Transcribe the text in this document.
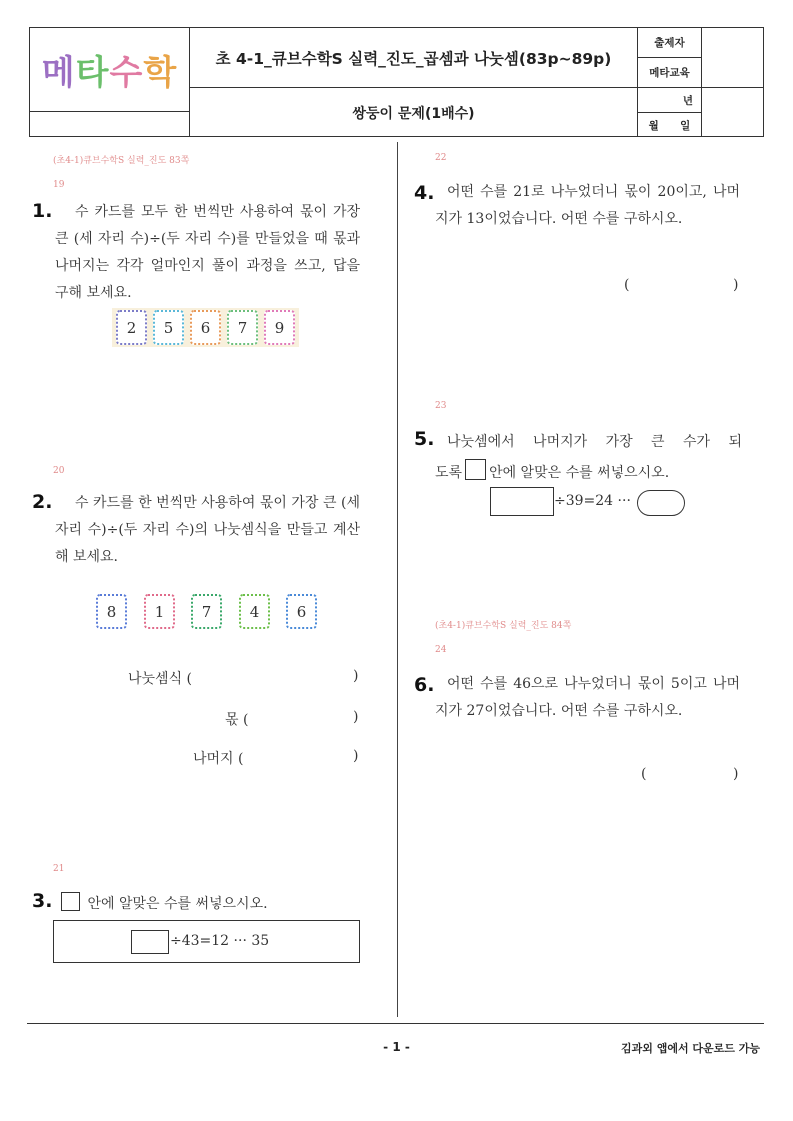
메타수학	초 4-1_큐브수학S 실력_진도_곱셈과 나눗셈(83p~89p)
쌍둥이 문제(1배수)
출제자
메타교육
년
월 일
(초4-1)큐브수학S 실력_진도 83쪽
19
1.	수 카드를 모두 한 번씩만 사용하여 몫이 가장 큰 (세 자리 수)÷(두 자리 수)를 만들었을 때 몫과 나머지는 각각 얼마인지 풀이 과정을 쓰고, 답을 구해 보세요.
2	5	6	7	9
20
2.	수 카드를 한 번씩만 사용하여 몫이 가장 큰 (세 자리 수)÷(두 자리 수)의 나눗셈식을 만들고 계산해 보세요.
8	1	7	4	6
나눗셈식 (	)
몫 (	)
나머지 (	)
21
3.	안에 알맞은 수를 써넣으시오.
÷43=12 ··· 35
22
4. 어떤 수를 21로 나누었더니 몫이 20이고, 나머지가 13이었습니다. 어떤 수를 구하시오.
(	)
23
5. 나눗셈에서 나머지가 가장 큰 수가 되
도록 안에 알맞은 수를 써넣으시오.
÷39=24 ···
(초4-1)큐브수학S 실력_진도 84쪽
24
6. 어떤 수를 46으로 나누었더니 몫이 5이고 나머지가 27이었습니다. 어떤 수를 구하시오.
(	)
- 1 -	김과외 앱에서 다운로드 가능
